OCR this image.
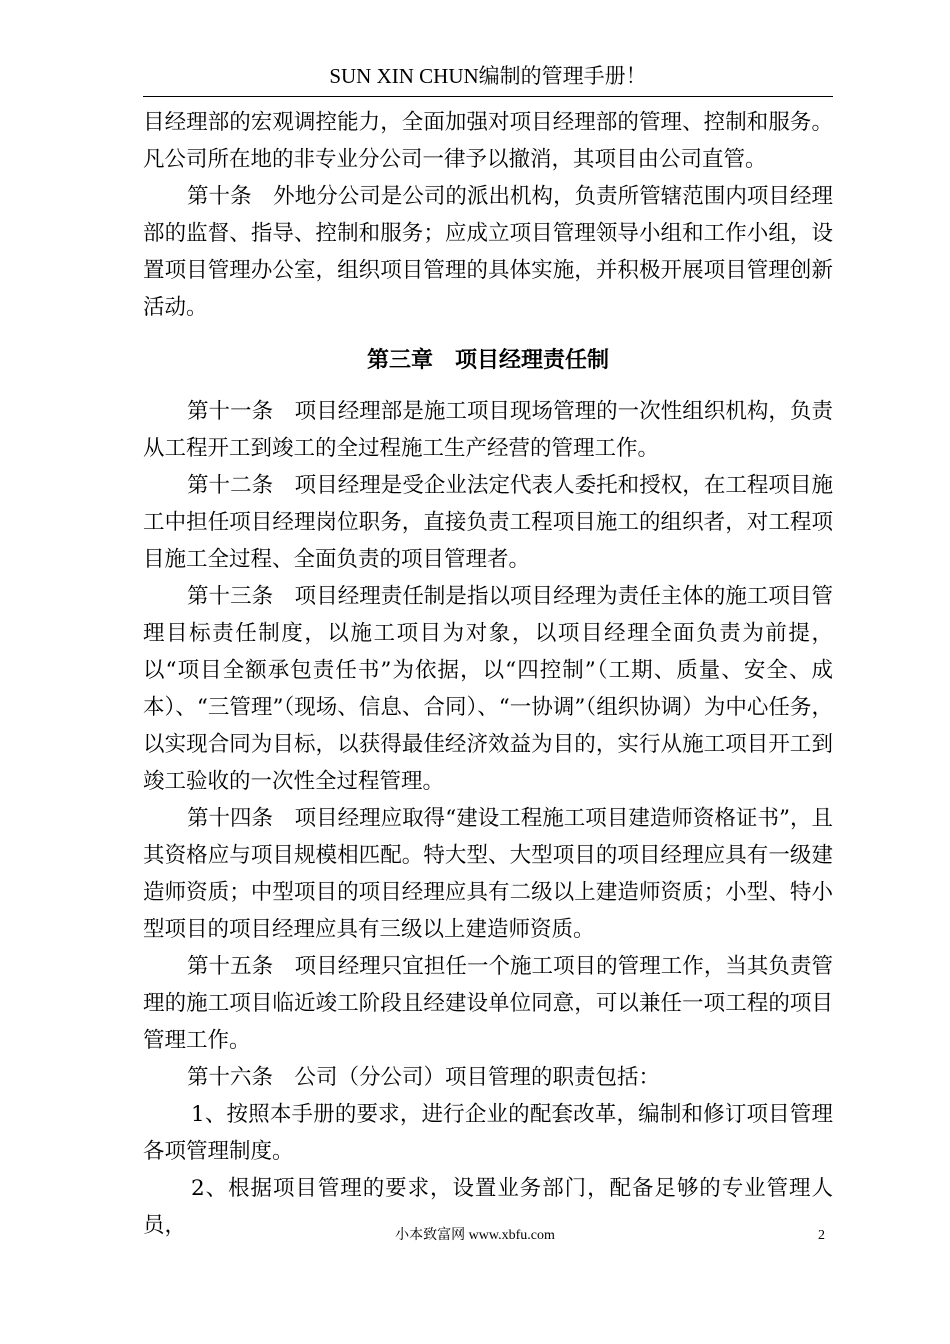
SUN XIN CHUN编制的管理手册！

目经理部的宏观调控能力，全面加强对项目经理部的管理、控制和服务。凡公司所在地的非专业分公司一律予以撤消，其项目由公司直管。

第十条　外地分公司是公司的派出机构，负责所管辖范围内项目经理部的监督、指导、控制和服务；应成立项目管理领导小组和工作小组，设置项目管理办公室，组织项目管理的具体实施，并积极开展项目管理创新活动。

第三章　项目经理责任制

第十一条　项目经理部是施工项目现场管理的一次性组织机构，负责从工程开工到竣工的全过程施工生产经营的管理工作。

第十二条　项目经理是受企业法定代表人委托和授权，在工程项目施工中担任项目经理岗位职务，直接负责工程项目施工的组织者，对工程项目施工全过程、全面负责的项目管理者。

第十三条　项目经理责任制是指以项目经理为责任主体的施工项目管理目标责任制度，以施工项目为对象，以项目经理全面负责为前提，以“项目全额承包责任书”为依据，以“四控制”（工期、质量、安全、成本）、“三管理”（现场、信息、合同）、“一协调”（组织协调）为中心任务，以实现合同为目标，以获得最佳经济效益为目的，实行从施工项目开工到竣工验收的一次性全过程管理。

第十四条　项目经理应取得“建设工程施工项目建造师资格证书”，且其资格应与项目规模相匹配。特大型、大型项目的项目经理应具有一级建造师资质；中型项目的项目经理应具有二级以上建造师资质；小型、特小型项目的项目经理应具有三级以上建造师资质。

第十五条　项目经理只宜担任一个施工项目的管理工作，当其负责管理的施工项目临近竣工阶段且经建设单位同意，可以兼任一项工程的项目管理工作。

第十六条　公司（分公司）项目管理的职责包括：

1、按照本手册的要求，进行企业的配套改革，编制和修订项目管理各项管理制度。

2、根据项目管理的要求，设置业务部门，配备足够的专业管理人员，	小本致富网 www.xbfu.com	2
